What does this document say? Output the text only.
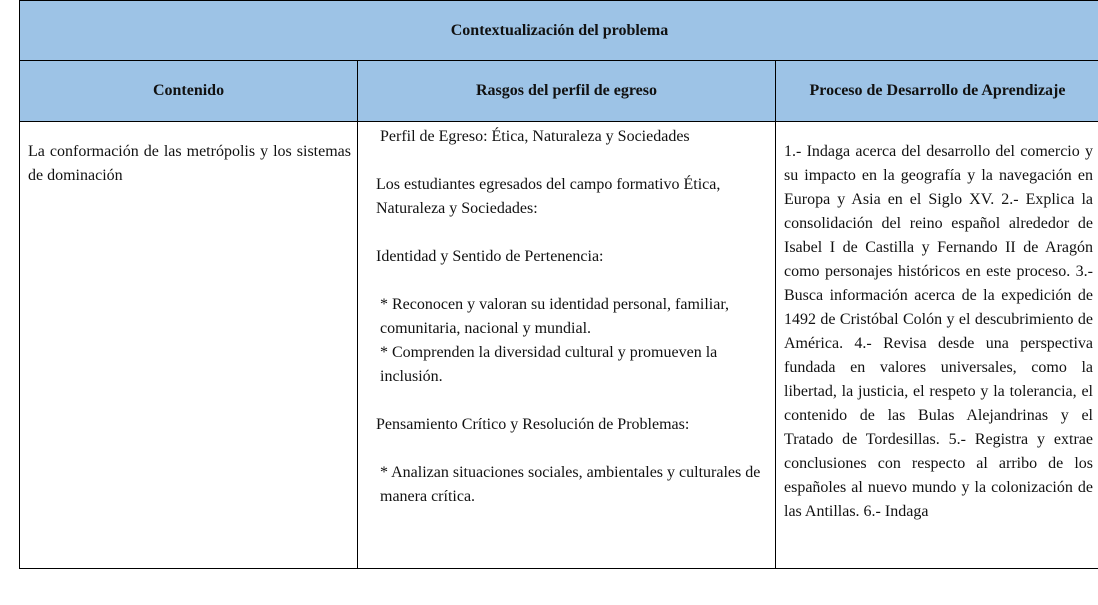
Contextualización del problema
Contenido	Rasgos del perfil de egreso	Proceso de Desarrollo de Aprendizaje
La conformación de las metrópolis y los sistemas de dominación

Perfil de Egreso: Ética, Naturaleza y Sociedades

Los estudiantes egresados del campo formativo Ética, Naturaleza y Sociedades:

Identidad y Sentido de Pertenencia:

* Reconocen y valoran su identidad personal, familiar, comunitaria, nacional y mundial.

* Comprenden la diversidad cultural y promueven la inclusión.

Pensamiento Crítico y Resolución de Problemas:

* Analizan situaciones sociales, ambientales y culturales de manera crítica.

1.- Indaga acerca del desarrollo del comercio y su impacto en la geografía y la navegación en Europa y Asia en el Siglo XV. 2.- Explica la consolidación del reino español alrededor de Isabel I de Castilla y Fernando II de Aragón como personajes históricos en este proceso. 3.- Busca información acerca de la expedición de 1492 de Cristóbal Colón y el descubrimiento de América. 4.- Revisa desde una perspectiva fundada en valores universales, como la libertad, la justicia, el respeto y la tolerancia, el contenido de las Bulas Alejandrinas y el Tratado de Tordesillas. 5.- Registra y extrae conclusiones con respecto al arribo de los españoles al nuevo mundo y la colonización de las Antillas. 6.- Indaga
